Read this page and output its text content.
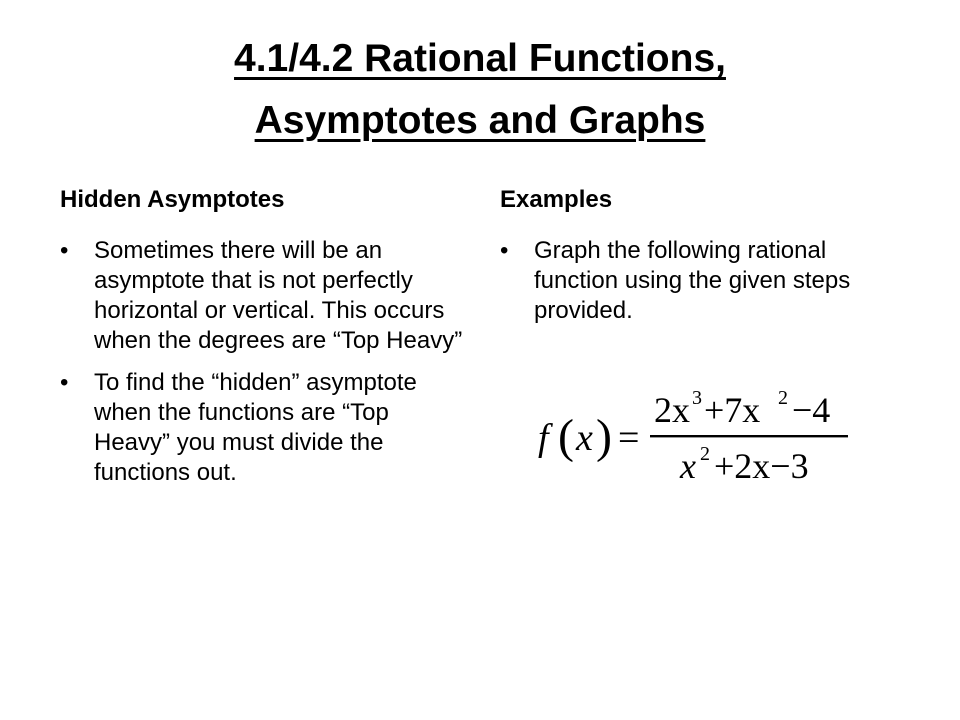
4.1/4.2 Rational Functions,
Asymptotes and Graphs
Hidden Asymptotes
• Sometimes there will be an asymptote that is not perfectly horizontal or vertical. This occurs when the degrees are “Top Heavy”
• To find the “hidden” asymptote when the functions are “Top Heavy” you must divide the functions out.
Examples
• Graph the following rational function using the given steps provided.
f ( x ) =
2x 3 +7x 2 −4
x 2 +2x−3
